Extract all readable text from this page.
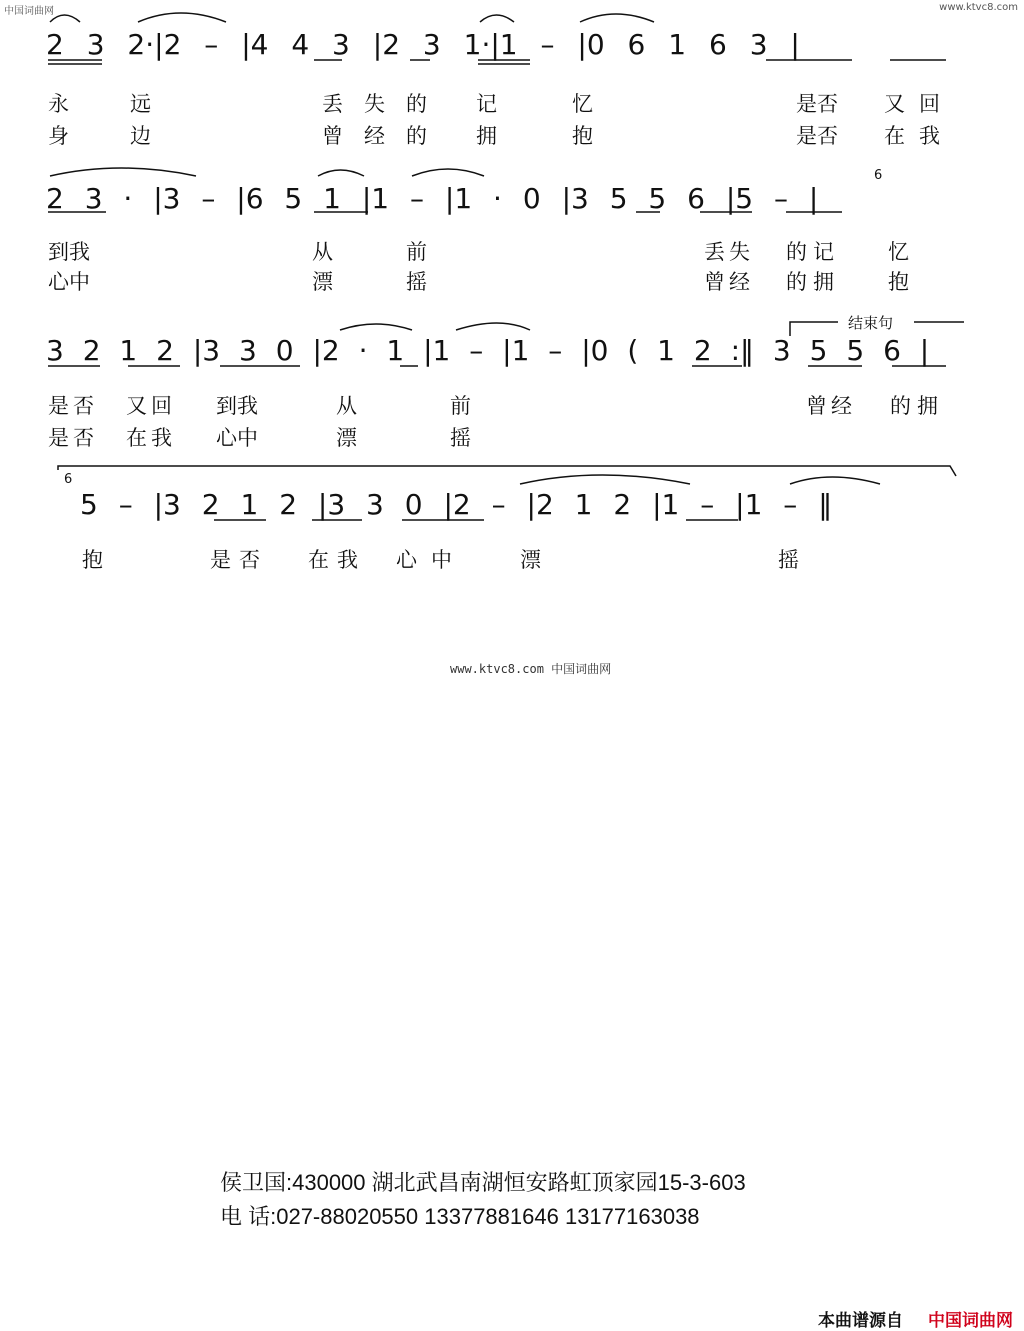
中国词曲网	www.ktvc8.com
2 3 2·|2 – |4 4 3 |2 3 1·|1 – |0 6 1 6 3 |
永	远	丢 失 的 记	忆	是否 又回
身	边	曾 经 的 拥	抱	是否 在我
6
2 3 · |3 – |6 5 1 |1 – |1 · 0 |3 5 5 6 |5 – |
到我	从	前	丢失 的记 忆
心中	漂	摇	曾经 的拥 抱
结束句
3 2 1 2 |3 3 0 |2 · 1 |1 – |1 – |0 ( 1 2 :‖ 3 5 5 6 |
是否 又回 到我	从	前	曾经 的拥
是否 在我 心中	漂	摇
6
5 – |3 2 1 2 |3 3 0 |2 – |2 1 2 |1 – |1 – ‖
抱	是否 在我 心中	漂	摇
www.ktvc8.com 中国词曲网
侯卫国:430000 湖北武昌南湖恒安路虹顶家园15-3-603
电 话:027-88020550 13377881646 13177163038
本曲谱源自 中国词曲网
